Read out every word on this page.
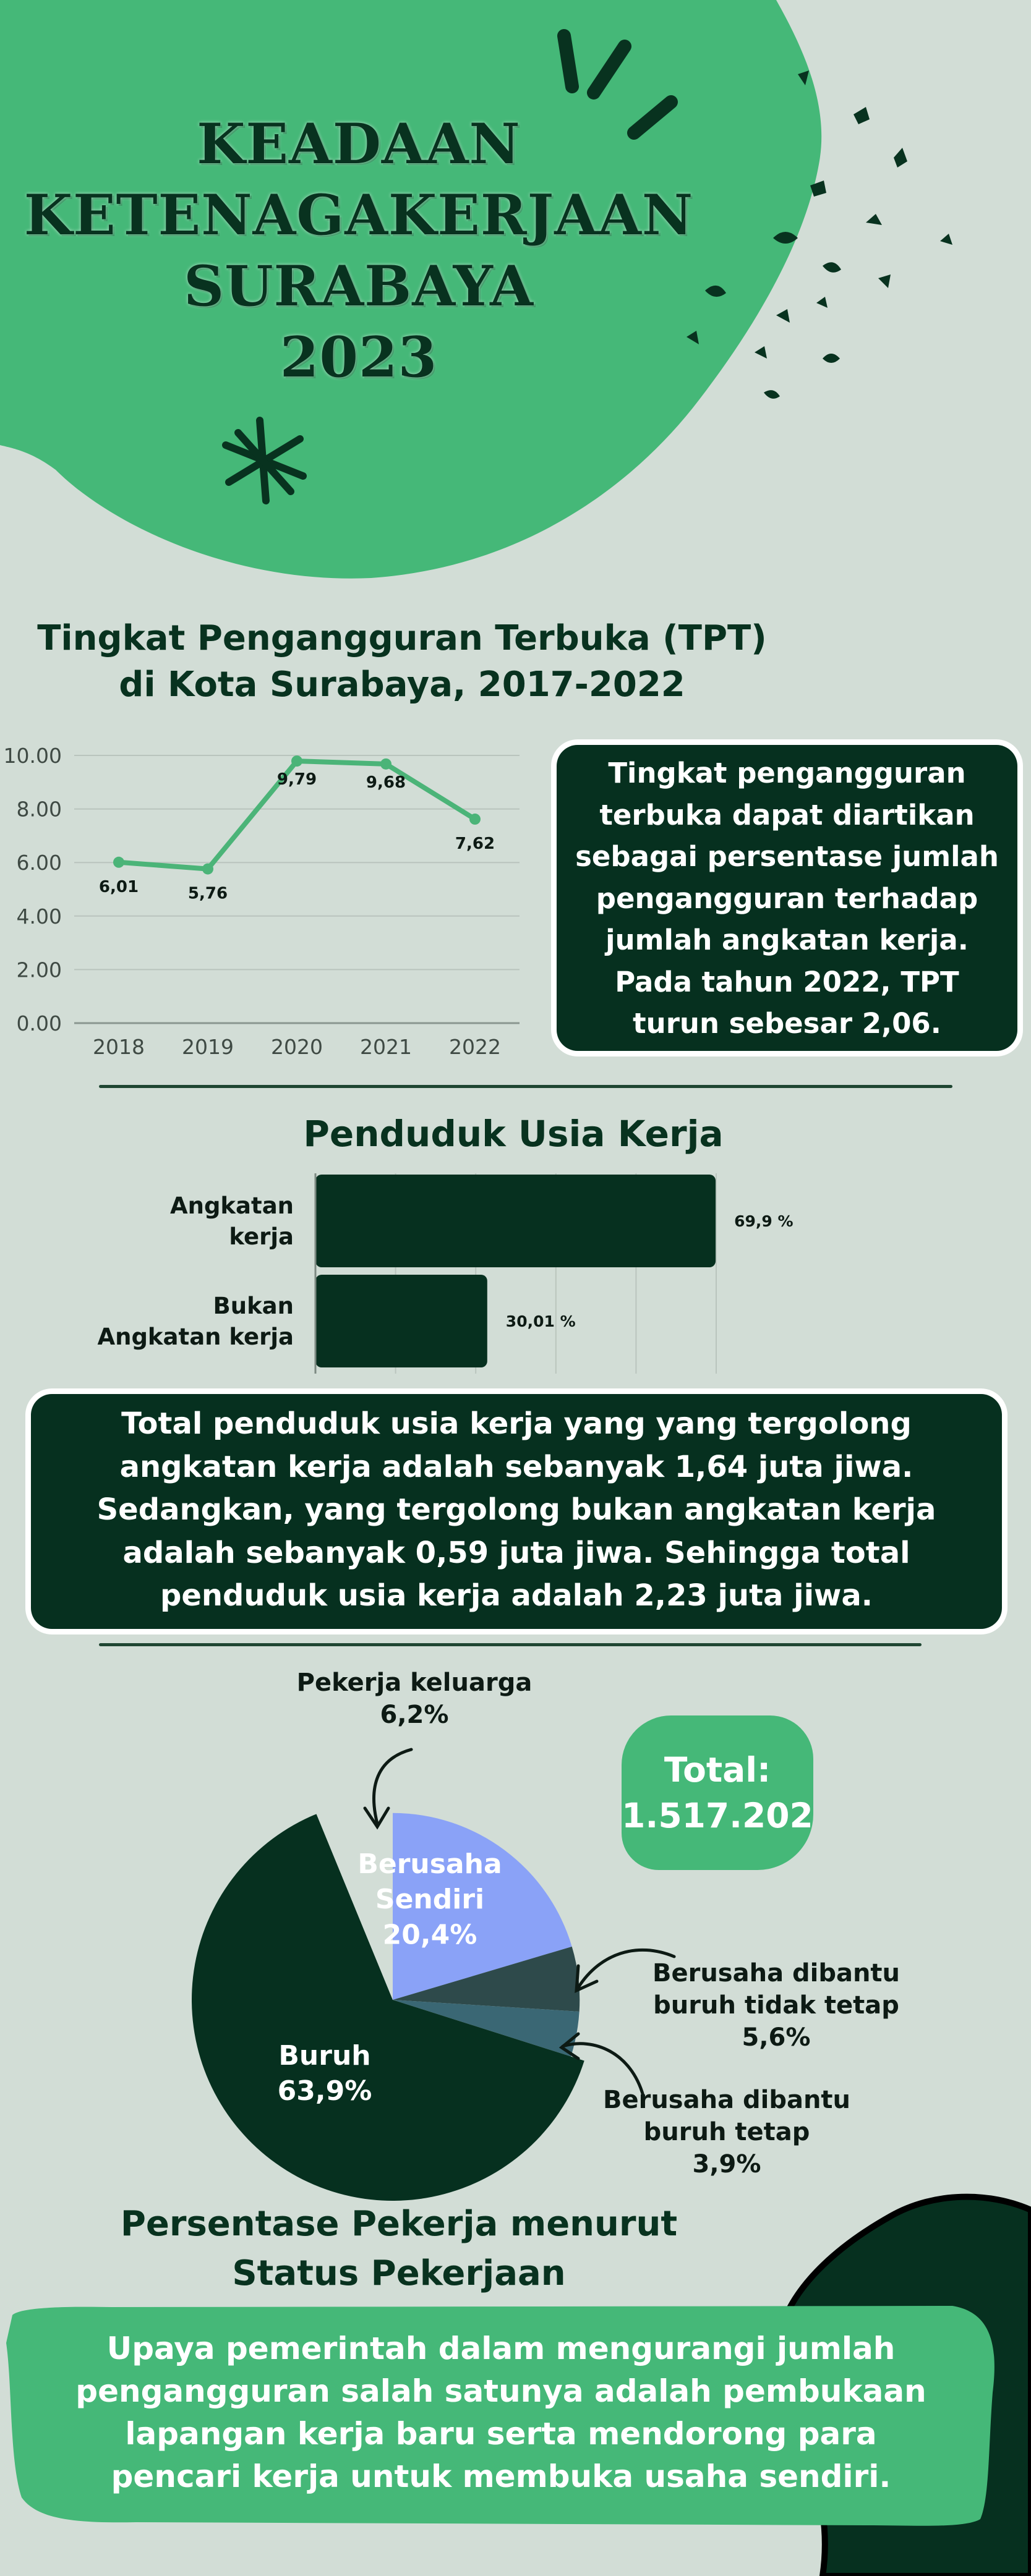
KEADAAN
KETENAGAKERJAAN
SURABAYA
2023
Tingkat Pengangguran Terbuka (TPT)
di Kota Surabaya, 2017-2022
0.00
2.00
4.00
6.00
8.00
10.00
2018 2019 2020 2021 2022
6,01	5,76
9,79	9,68
7,62
Tingkat pengangguran terbuka dapat diartikan sebagai persentase jumlah pengangguran terhadap jumlah angkatan kerja. Pada tahun 2022, TPT turun sebesar 2,06.
Penduduk Usia Kerja
69,9 %
Angkatan
kerja
30,01 %
Bukan
Angkatan kerja
Total penduduk usia kerja yang yang tergolong angkatan kerja adalah sebanyak 1,64 juta jiwa. Sedangkan, yang tergolong bukan angkatan kerja adalah sebanyak 0,59 juta jiwa. Sehingga total penduduk usia kerja adalah 2,23 juta jiwa.
Berusaha
Sendiri
20,4%
Berusaha dibantu
buruh tidak tetap
5,6%
Berusaha dibantu
buruh tetap
3,9%
Buruh
63,9%
Pekerja keluarga
6,2%
Total:
1.517.202
Persentase Pekerja menurut
Status Pekerjaan
Upaya pemerintah dalam mengurangi jumlah pengangguran salah satunya adalah pembukaan lapangan kerja baru serta mendorong para pencari kerja untuk membuka usaha sendiri.
